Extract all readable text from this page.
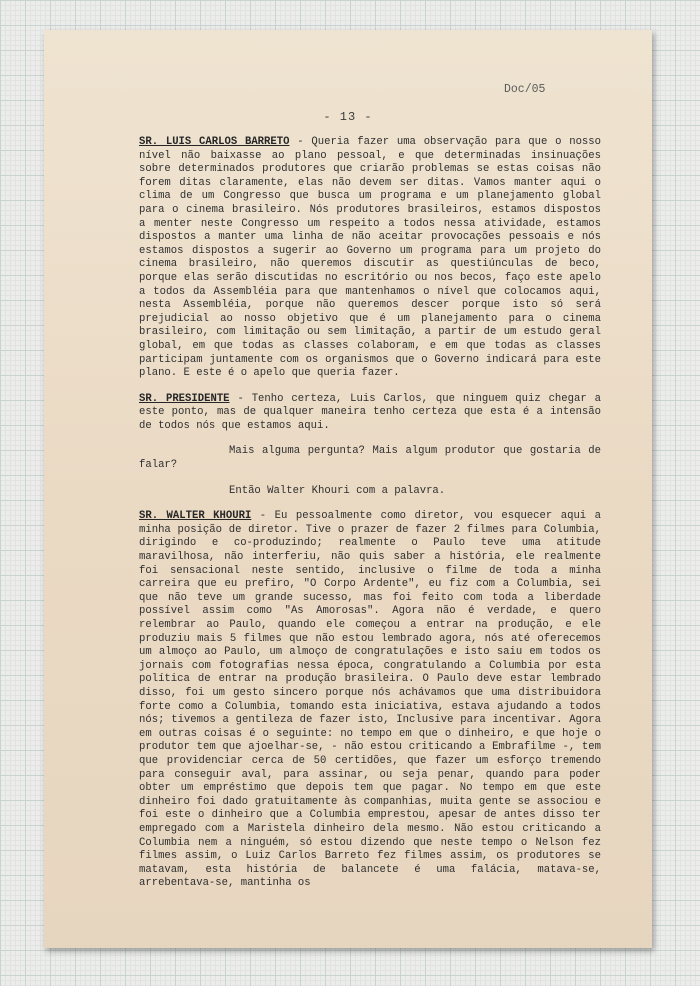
Doc/05
- 13 -

SR. LUIS CARLOS BARRETO - Queria fazer uma observação para que o nosso nível não baixasse ao plano pessoal, e que determinadas insinuações sobre determinados produtores que criarão problemas se estas coisas não forem ditas claramente, elas não devem ser ditas. Vamos manter aqui o clima de um Congresso que busca um programa e um planejamento global para o cinema brasileiro. Nós produtores brasileiros, estamos dispostos a menter neste Congresso um respeito a todos nessa atividade, estamos dispostos a manter uma linha de não aceitar provocações pessoais e nós estamos dispostos a sugerir ao Governo um programa para um projeto do cinema brasileiro, não queremos discutir as questiúnculas de beco, porque elas serão discutidas no escritório ou nos becos, faço este apelo a todos da Assembléia para que mantenhamos o nível que colocamos aqui, nesta Assembléia, porque não queremos descer porque isto só será prejudicial ao nosso objetivo que é um planejamento para o cinema brasileiro, com limitação ou sem limitação, a partir de um estudo geral global, em que todas as classes colaboram, e em que todas as classes participam juntamente com os organismos que o Governo indicará para este plano. E este é o apelo que queria fazer.

SR. PRESIDENTE - Tenho certeza, Luis Carlos, que ninguem quiz chegar a este ponto, mas de qualquer maneira tenho certeza que esta é a intensão de todos nós que estamos aqui.

Mais alguma pergunta? Mais algum produtor que gostaria de falar?

Então Walter Khouri com a palavra.

SR. WALTER KHOURI - Eu pessoalmente como diretor, vou esquecer aqui a minha posição de diretor. Tive o prazer de fazer 2 filmes para Columbia, dirigindo e co-produzindo; realmente o Paulo teve uma atitude maravilhosa, não interferiu, não quis saber a história, ele realmente foi sensacional neste sentido, inclusive o filme de toda a minha carreira que eu prefiro, "O Corpo Ardente", eu fiz com a Columbia, sei que não teve um grande sucesso, mas foi feito com toda a liberdade possível assim como "As Amorosas". Agora não é verdade, e quero relembrar ao Paulo, quando ele começou a entrar na produção, e ele produziu mais 5 filmes que não estou lembrado agora, nós até oferecemos um almoço ao Paulo, um almoço de congratulações e isto saiu em todos os jornais com fotografias nessa época, congratulando a Columbia por esta política de entrar na produção brasileira. O Paulo deve estar lembrado disso, foi um gesto sincero porque nós achávamos que uma distribuidora forte como a Columbia, tomando esta iniciativa, estava ajudando a todos nós; tivemos a gentileza de fazer isto, Inclusive para incentivar. Agora em outras coisas é o seguinte: no tempo em que o dinheiro, e que hoje o produtor tem que ajoelhar-se, - não estou criticando a Embrafilme -, tem que providenciar cerca de 50 certidões, que fazer um esforço tremendo para conseguir aval, para assinar, ou seja penar, quando para poder obter um empréstimo que depois tem que pagar. No tempo em que este dinheiro foi dado gratuitamente às companhias, muita gente se associou e foi este o dinheiro que a Columbia emprestou, apesar de antes disso ter empregado com a Maristela dinheiro dela mesmo. Não estou criticando a Columbia nem a ninguém, só estou dizendo que neste tempo o Nelson fez filmes assim, o Luiz Carlos Barreto fez filmes assim, os produtores se matavam, esta história de balancete é uma falácia, matava-se, arrebentava-se, mantinha os
